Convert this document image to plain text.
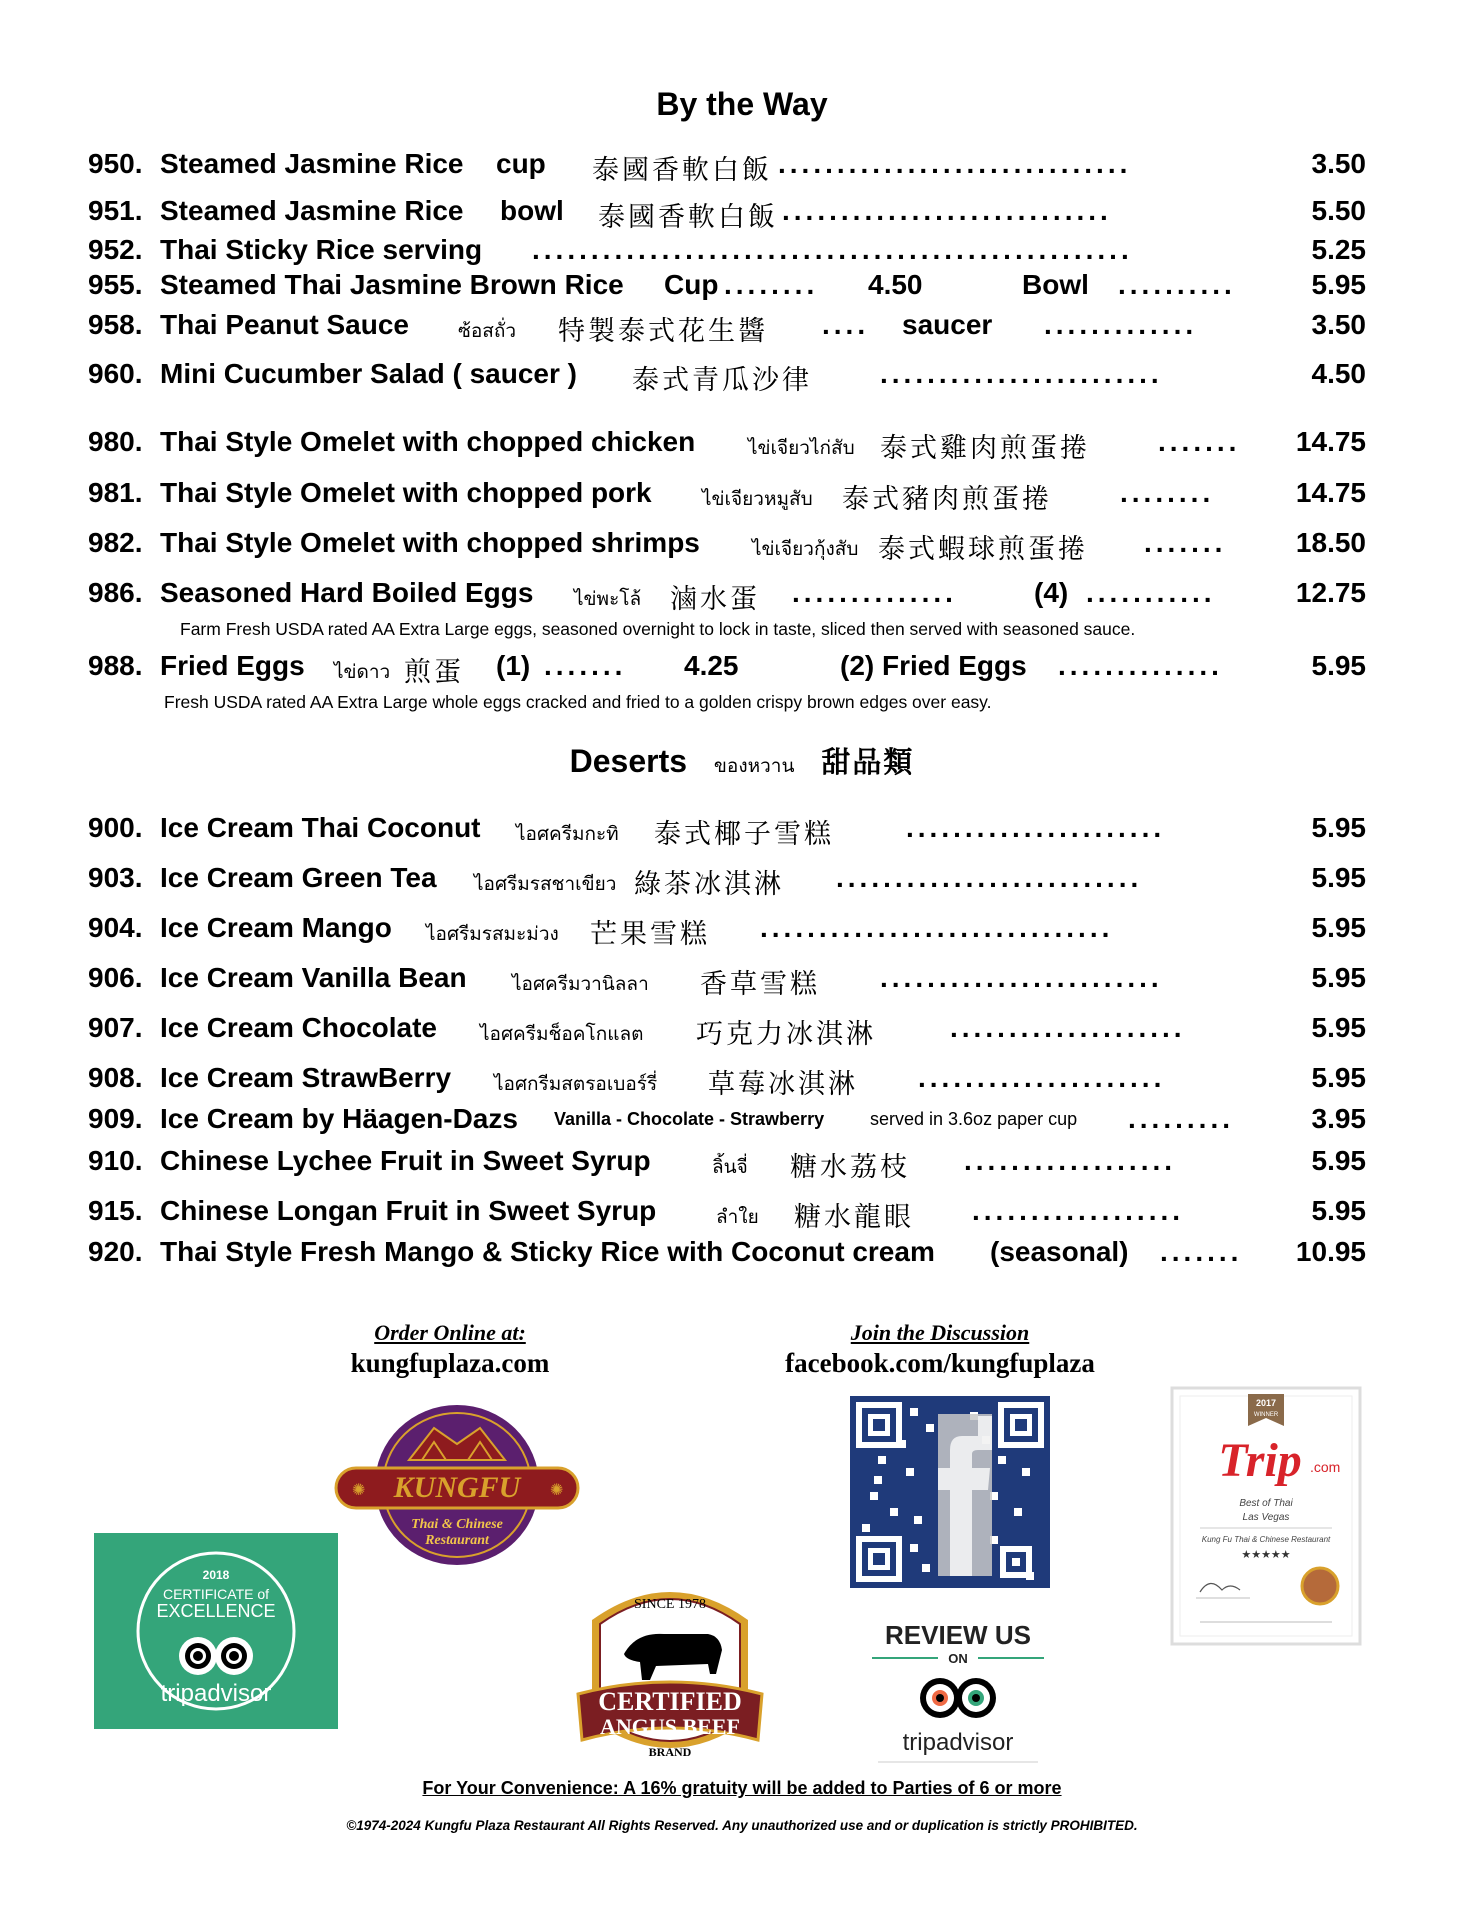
By the Way
950. Steamed Jasmine Rice cup 泰國香軟白飯 ..............................	3.50
951. Steamed Jasmine Rice bowl 泰國香軟白飯 ............................	5.50
952. Thai Sticky Rice serving ...................................................	5.25
955. Steamed Thai Jasmine Brown Rice Cup ........ 4.50	Bowl ..........	5.95
958. Thai Peanut Sauce	ซ้อสถั่ว 特製泰式花生醬 .... saucer .............	3.50
960. Mini Cucumber Salad ( saucer ) 泰式青瓜沙律 ........................	4.50
980. Thai Style Omelet with chopped chicken	ไข่เจียวไก่สับ 泰式雞肉煎蛋捲 ....... 14.75
981. Thai Style Omelet with chopped pork	ไข่เจียวหมูสับ 泰式豬肉煎蛋捲 ........	14.75
982. Thai Style Omelet with chopped shrimps	ไข่เจียวกุ้งสับ 泰式蝦球煎蛋捲 ....... 18.50
986. Seasoned Hard Boiled Eggs ไข่พะโล้ 滷水蛋 ..............	(4) ...........	12.75
Farm Fresh USDA rated AA Extra Large eggs, seasoned overnight to lock in taste, sliced then served with seasoned sauce.
988. Fried Eggs ไข่ดาว 煎蛋 (1) ....... 4.25	(2) Fried Eggs ..............	5.95
Fresh USDA rated AA Extra Large whole eggs cracked and fried to a golden crispy brown edges over easy.
Deserts ของหวาน 甜品類
900. Ice Cream Thai Coconut ไอศครีมกะทิ 泰式椰子雪糕	......................	5.95
903. Ice Cream Green Tea ไอศรีมรสชาเขียว 綠茶冰淇淋 ..........................	5.95
904. Ice Cream Mango ไอศรีมรสมะม่วง 芒果雪糕 ..............................	5.95
906. Ice Cream Vanilla Bean ไอศครีมวานิลลา 香草雪糕 ........................	5.95
907. Ice Cream Chocolate ไอศครีมช็อคโกแลต 巧克力冰淇淋	....................	5.95
908. Ice Cream StrawBerry ไอศกรีมสตรอเบอร์รี่ 草莓冰淇淋 .....................	5.95
909. Ice Cream by Häagen-Dazs Vanilla - Chocolate - Strawberry	served in 3.6oz paper cup .........	3.95
910. Chinese Lychee Fruit in Sweet Syrup	ลิ้นจี่ 糖水荔枝 ..................	5.95
915. Chinese Longan Fruit in Sweet Syrup	ลำใย 糖水龍眼 ..................	5.95
920. Thai Style Fresh Mango & Sticky Rice with Coconut cream (seasonal) ....... 10.95
Order Online at:
kungfuplaza.com
Join the Discussion
facebook.com/kungfuplaza
KUNGFU
✺	✺
Thai & Chinese
Restaurant
2018
CERTIFICATE of
EXCELLENCE
tripadvisor
SINCE 1978
CERTIFIED
ANGUS BEEF
BRAND
REVIEW US
ON
tripadvisor
2017
WINNER
Trip .com
Best of Thai
Las Vegas
Kung Fu Thai & Chinese Restaurant
★★★★★
For Your Convenience: A 16% gratuity will be added to Parties of 6 or more
©1974-2024 Kungfu Plaza Restaurant All Rights Reserved. Any unauthorized use and or duplication is strictly PROHIBITED.
